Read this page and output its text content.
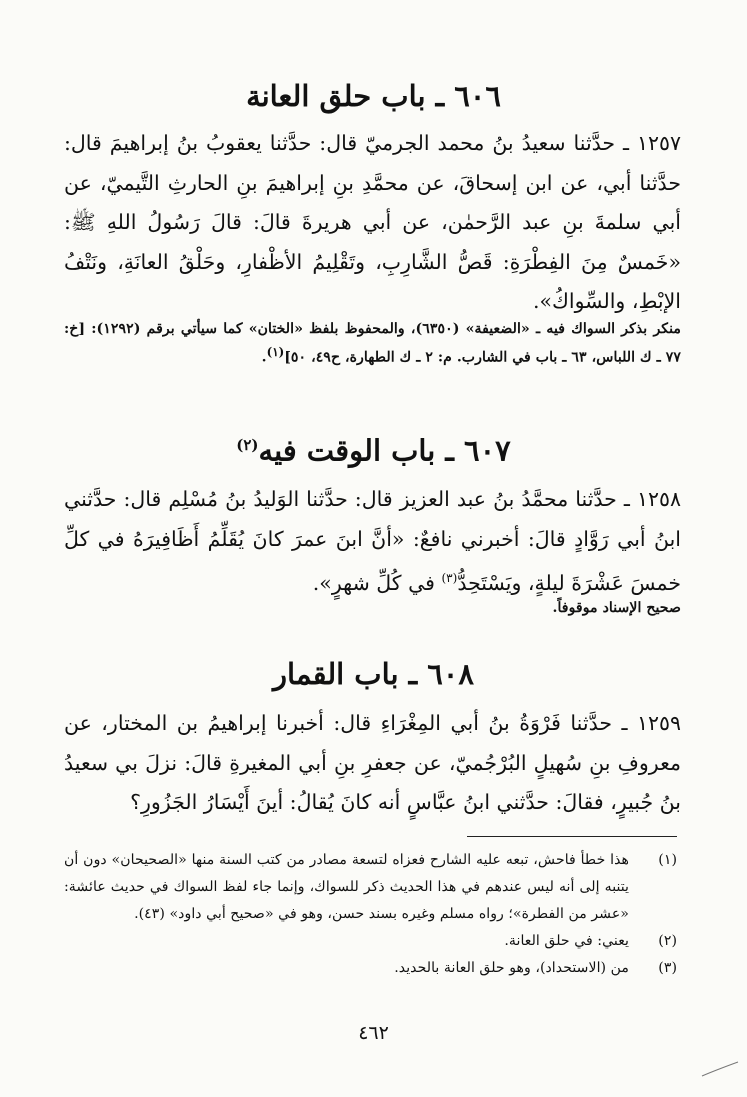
٦٠٦ ـ باب حلق العانة

١٢٥٧ ـ حدَّثنا سعيدُ بنُ محمد الجرميّ قال: حدَّثنا يعقوبُ بنُ إبراهيمَ قال: حدَّثنا أبي، عن ابن إسحاقَ، عن محمَّدِ بنِ إبراهيمَ بنِ الحارثِ التَّيميّ، عن أبي سلمةَ بنِ عبد الرَّحمٰن، عن أبي هريرةَ قالَ: قالَ رَسُولُ اللهِ ﷺ: «خَمسٌ مِنَ الفِطْرَةِ: قَصُّ الشَّارِبِ، وتَقْلِيمُ الأظْفارِ، وحَلْقُ العانَةِ، ونَتْفُ الإبْطِ، والسِّواكُ».

منكر بذكر السواك فيه ـ «الضعيفة» (٦٣٥٠)، والمحفوظ بلفظ «الختان» كما سيأتي برقم (١٢٩٢): [خ: ٧٧ ـ ك اللباس، ٦٣ ـ باب في الشارب. م: ٢ ـ ك الطهارة، ح٤٩، ٥٠]$^{(١)}$.

٦٠٧ ـ باب الوقت فيه$^{(٢)}$

١٢٥٨ ـ حدَّثنا محمَّدُ بنُ عبد العزيز قال: حدَّثنا الوَليدُ بنُ مُسْلِم قال: حدَّثني ابنُ أبي رَوَّادٍ قالَ: أخبرني نافعٌ: «أنَّ ابنَ عمرَ كانَ يُقَلِّمُ أَظَافِيرَهُ في كلِّ خمسَ عَشْرَةَ ليلةٍ، ويَسْتَحِدُّ$^{(٣)}$ في كُلِّ شهرٍ».

صحيح الإسناد موقوفاً.

٦٠٨ ـ باب القمار

١٢٥٩ ـ حدَّثنا فَرْوَةُ بنُ أبي المِغْرَاءِ قال: أخبرنا إبراهيمُ بن المختار، عن معروفِ بنِ سُهيلٍ البُرْجُميّ، عن جعفرِ بنِ أبي المغيرةِ قالَ: نزلَ بي سعيدُ بنُ جُبيرٍ، فقالَ: حدَّثني ابنُ عبَّاسٍ أنه كانَ يُقالُ: أينَ أَيْسَارُ الجَزُورِ؟

(١)
هذا خطأ فاحش، تبعه عليه الشارح فعزاه لتسعة مصادر من كتب السنة منها «الصحيحان» دون أن يتنبه إلى أنه ليس عندهم في هذا الحديث ذكر للسواك، وإنما جاء لفظ السواك في حديث عائشة: «عشر من الفطرة»؛ رواه مسلم وغيره بسند حسن، وهو في «صحيح أبي داود» (٤٣).
(٢)
يعني: في حلق العانة.
(٣)
من (الاستحداد)، وهو حلق العانة بالحديد.
٤٦٢
